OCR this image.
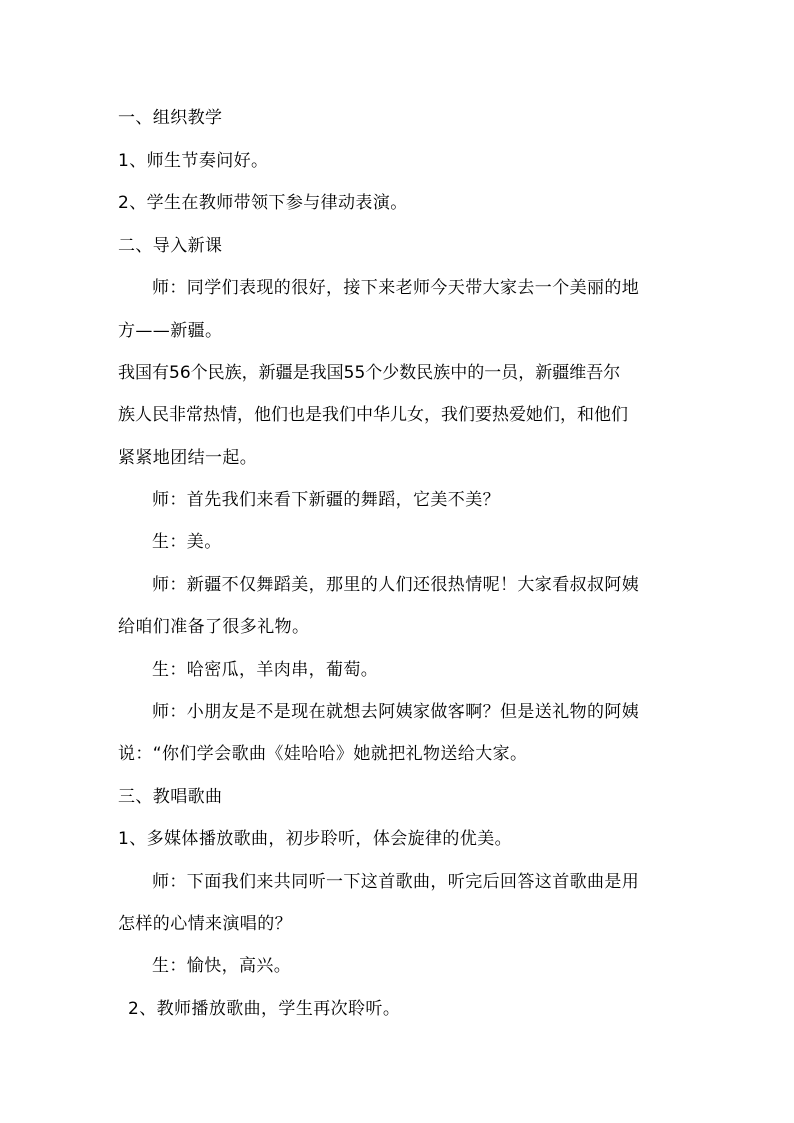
一、组织教学
1、师生节奏问好。
2、学生在教师带领下参与律动表演。
二、导入新课
师：同学们表现的很好，接下来老师今天带大家去一个美丽的地
方——新疆。
我国有56个民族，新疆是我国55个少数民族中的一员，新疆维吾尔
族人民非常热情，他们也是我们中华儿女，我们要热爱她们，和他们
紧紧地团结一起。
师：首先我们来看下新疆的舞蹈，它美不美？
生：美。
师：新疆不仅舞蹈美，那里的人们还很热情呢！大家看叔叔阿姨
给咱们准备了很多礼物。
生：哈密瓜，羊肉串，葡萄。
师：小朋友是不是现在就想去阿姨家做客啊？但是送礼物的阿姨
说：“你们学会歌曲《娃哈哈》她就把礼物送给大家。
三、教唱歌曲
1、多媒体播放歌曲，初步聆听，体会旋律的优美。
师：下面我们来共同听一下这首歌曲，听完后回答这首歌曲是用
怎样的心情来演唱的？
生：愉快，高兴。
2、教师播放歌曲，学生再次聆听。
